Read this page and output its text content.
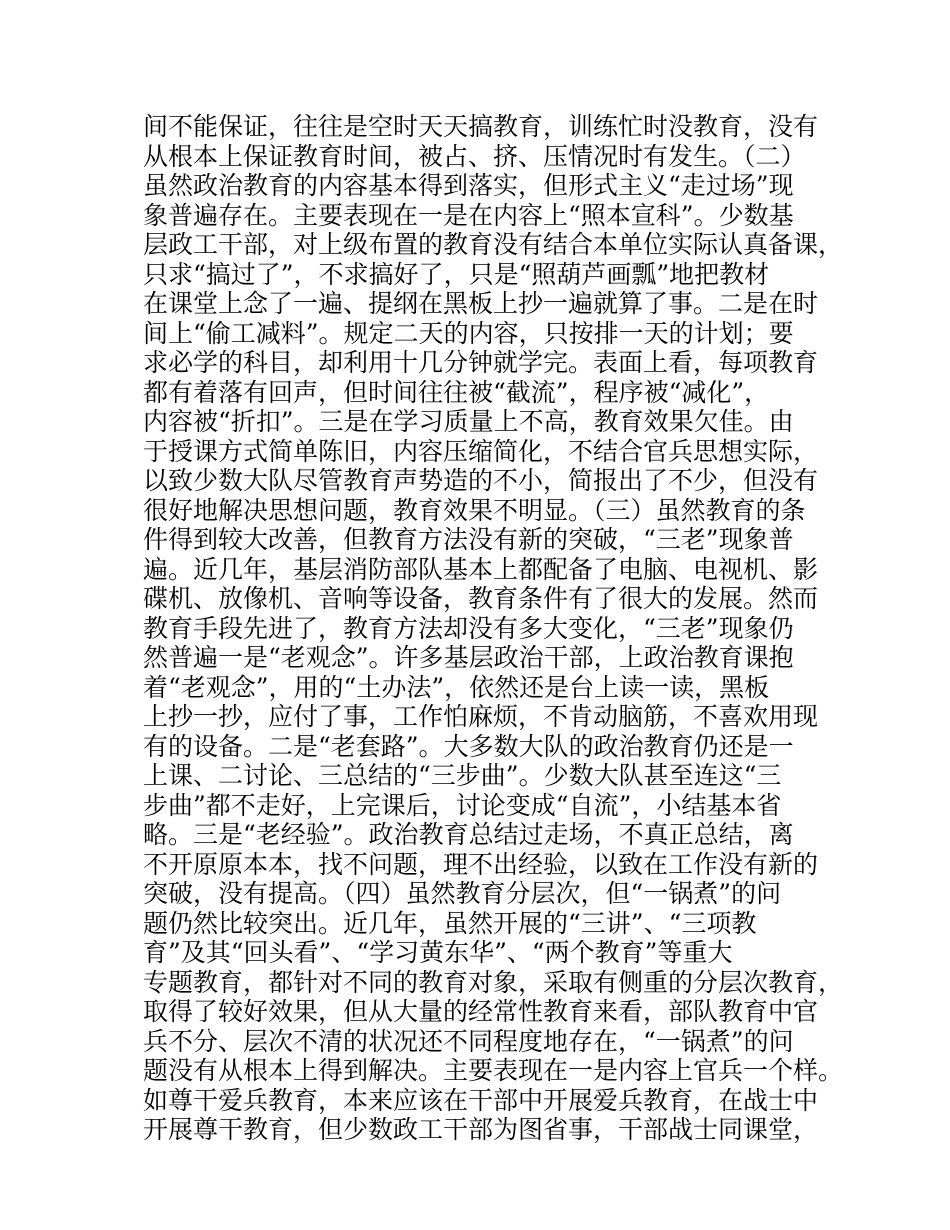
间不能保证，往往是空时天天搞教育，训练忙时没教育，没有
从根本上保证教育时间，被占、挤、压情况时有发生。（二）
虽然政治教育的内容基本得到落实，但形式主义“走过场”现
象普遍存在。主要表现在一是在内容上“照本宣科”。少数基
层政工干部，对上级布置的教育没有结合本单位实际认真备课，
只求“搞过了”，不求搞好了，只是“照葫芦画瓢”地把教材
在课堂上念了一遍、提纲在黑板上抄一遍就算了事。二是在时
间上“偷工减料”。规定二天的内容，只按排一天的计划；要
求必学的科目，却利用十几分钟就学完。表面上看，每项教育
都有着落有回声，但时间往往被“截流”，程序被“减化”，
内容被“折扣”。三是在学习质量上不高，教育效果欠佳。由
于授课方式简单陈旧，内容压缩简化，不结合官兵思想实际，
以致少数大队尽管教育声势造的不小，简报出了不少，但没有
很好地解决思想问题，教育效果不明显。（三）虽然教育的条
件得到较大改善，但教育方法没有新的突破，“三老”现象普
遍。近几年，基层消防部队基本上都配备了电脑、电视机、影
碟机、放像机、音响等设备，教育条件有了很大的发展。然而
教育手段先进了，教育方法却没有多大变化，“三老”现象仍
然普遍一是“老观念”。许多基层政治干部，上政治教育课抱
着“老观念”，用的“土办法”，依然还是台上读一读，黑板
上抄一抄，应付了事，工作怕麻烦，不肯动脑筋，不喜欢用现
有的设备。二是“老套路”。大多数大队的政治教育仍还是一
上课、二讨论、三总结的“三步曲”。少数大队甚至连这“三
步曲”都不走好，上完课后，讨论变成“自流”，小结基本省
略。三是“老经验”。政治教育总结过走场，不真正总结，离
不开原原本本，找不问题，理不出经验，以致在工作没有新的
突破，没有提高。（四）虽然教育分层次，但“一锅煮”的问
题仍然比较突出。近几年，虽然开展的“三讲”、“三项教
育”及其“回头看”、“学习黄东华”、“两个教育”等重大
专题教育，都针对不同的教育对象，采取有侧重的分层次教育，
取得了较好效果，但从大量的经常性教育来看，部队教育中官
兵不分、层次不清的状况还不同程度地存在，“一锅煮”的问
题没有从根本上得到解决。主要表现在一是内容上官兵一个样。
如尊干爱兵教育，本来应该在干部中开展爱兵教育，在战士中
开展尊干教育，但少数政工干部为图省事，干部战士同课堂，
